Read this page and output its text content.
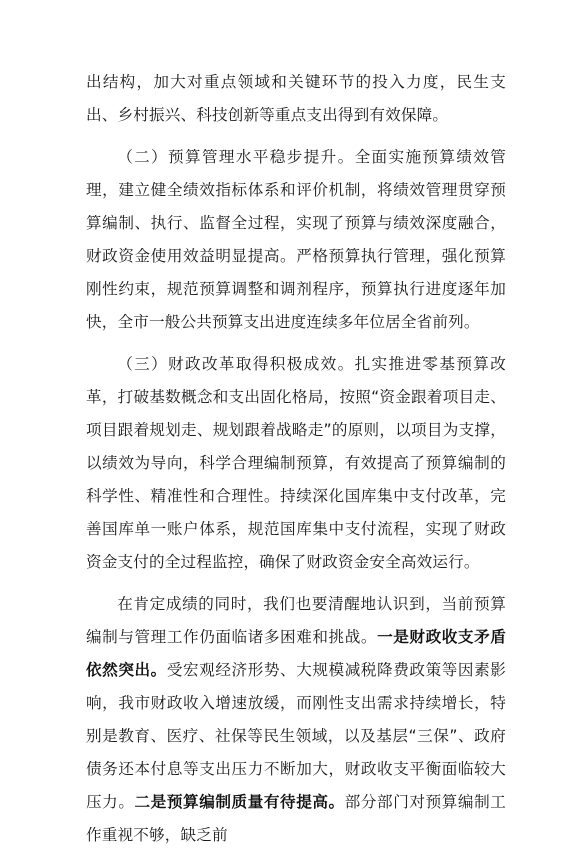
出结构，加大对重点领域和关键环节的投入力度，民生支出、乡村振兴、科技创新等重点支出得到有效保障。

（二）预算管理水平稳步提升。全面实施预算绩效管理，建立健全绩效指标体系和评价机制，将绩效管理贯穿预算编制、执行、监督全过程，实现了预算与绩效深度融合，财政资金使用效益明显提高。严格预算执行管理，强化预算刚性约束，规范预算调整和调剂程序，预算执行进度逐年加快，全市一般公共预算支出进度连续多年位居全省前列。

（三）财政改革取得积极成效。扎实推进零基预算改革，打破基数概念和支出固化格局，按照“资金跟着项目走、项目跟着规划走、规划跟着战略走”的原则，以项目为支撑，以绩效为导向，科学合理编制预算，有效提高了预算编制的科学性、精准性和合理性。持续深化国库集中支付改革，完善国库单一账户体系，规范国库集中支付流程，实现了财政资金支付的全过程监控，确保了财政资金安全高效运行。

在肯定成绩的同时，我们也要清醒地认识到，当前预算编制与管理工作仍面临诸多困难和挑战。一是财政收支矛盾依然突出。受宏观经济形势、大规模减税降费政策等因素影响，我市财政收入增速放缓，而刚性支出需求持续增长，特别是教育、医疗、社保等民生领域，以及基层“三保”、政府债务还本付息等支出压力不断加大，财政收支平衡面临较大压力。二是预算编制质量有待提高。部分部门对预算编制工作重视不够，缺乏前
